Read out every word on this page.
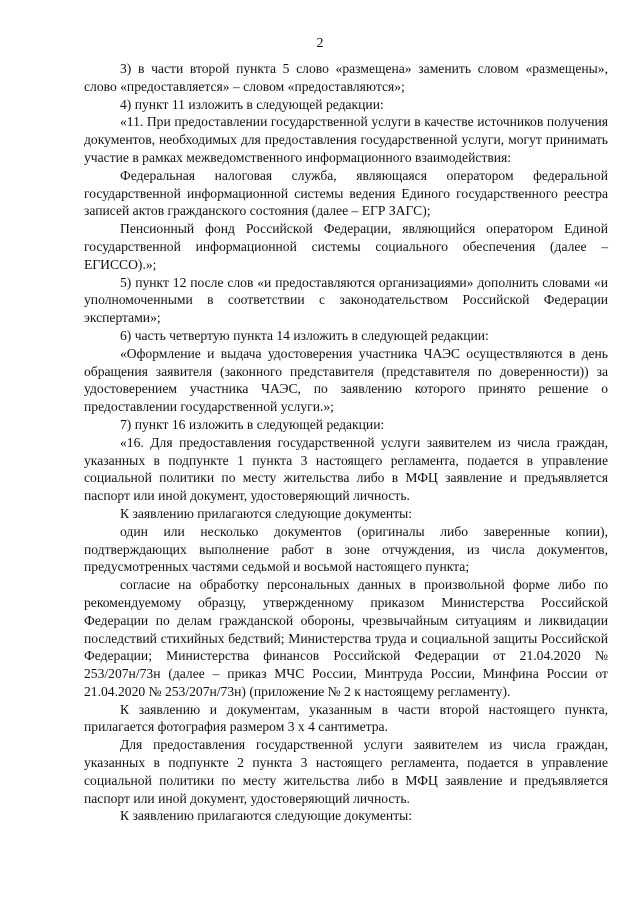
2

3) в части второй пункта 5 слово «размещена» заменить словом «размещены», слово «предоставляется» – словом «предоставляются»;

4) пункт 11 изложить в следующей редакции:

«11. При предоставлении государственной услуги в качестве источников получения документов, необходимых для предоставления государственной услуги, могут принимать участие в рамках межведомственного информационного взаимодействия:

Федеральная налоговая служба, являющаяся оператором федеральной государственной информационной системы ведения Единого государственного реестра записей актов гражданского состояния (далее – ЕГР ЗАГС);

Пенсионный фонд Российской Федерации, являющийся оператором Единой государственной информационной системы социального обеспечения (далее – ЕГИССО).»;

5) пункт 12 после слов «и предоставляются организациями» дополнить словами «и уполномоченными в соответствии с законодательством Российской Федерации экспертами»;

6) часть четвертую пункта 14 изложить в следующей редакции:

«Оформление и выдача удостоверения участника ЧАЭС осуществляются в день обращения заявителя (законного представителя (представителя по доверенности)) за удостоверением участника ЧАЭС, по заявлению которого принято решение о предоставлении государственной услуги.»;

7) пункт 16 изложить в следующей редакции:

«16. Для предоставления государственной услуги заявителем из числа граждан, указанных в подпункте 1 пункта 3 настоящего регламента, подается в управление социальной политики по месту жительства либо в МФЦ заявление и предъявляется паспорт или иной документ, удостоверяющий личность.

К заявлению прилагаются следующие документы:

один или несколько документов (оригиналы либо заверенные копии), подтверждающих выполнение работ в зоне отчуждения, из числа документов, предусмотренных частями седьмой и восьмой настоящего пункта;

согласие на обработку персональных данных в произвольной форме либо по рекомендуемому образцу, утвержденному приказом Министерства Российской Федерации по делам гражданской обороны, чрезвычайным ситуациям и ликвидации последствий стихийных бедствий; Министерства труда и социальной защиты Российской Федерации; Министерства финансов Российской Федерации от 21.04.2020 № 253/207н/73н (далее – приказ МЧС России, Минтруда России, Минфина России от 21.04.2020 № 253/207н/73н) (приложение № 2 к настоящему регламенту).

К заявлению и документам, указанным в части второй настоящего пункта, прилагается фотография размером 3 х 4 сантиметра.

Для предоставления государственной услуги заявителем из числа граждан, указанных в подпункте 2 пункта 3 настоящего регламента, подается в управление социальной политики по месту жительства либо в МФЦ заявление и предъявляется паспорт или иной документ, удостоверяющий личность.

К заявлению прилагаются следующие документы:
